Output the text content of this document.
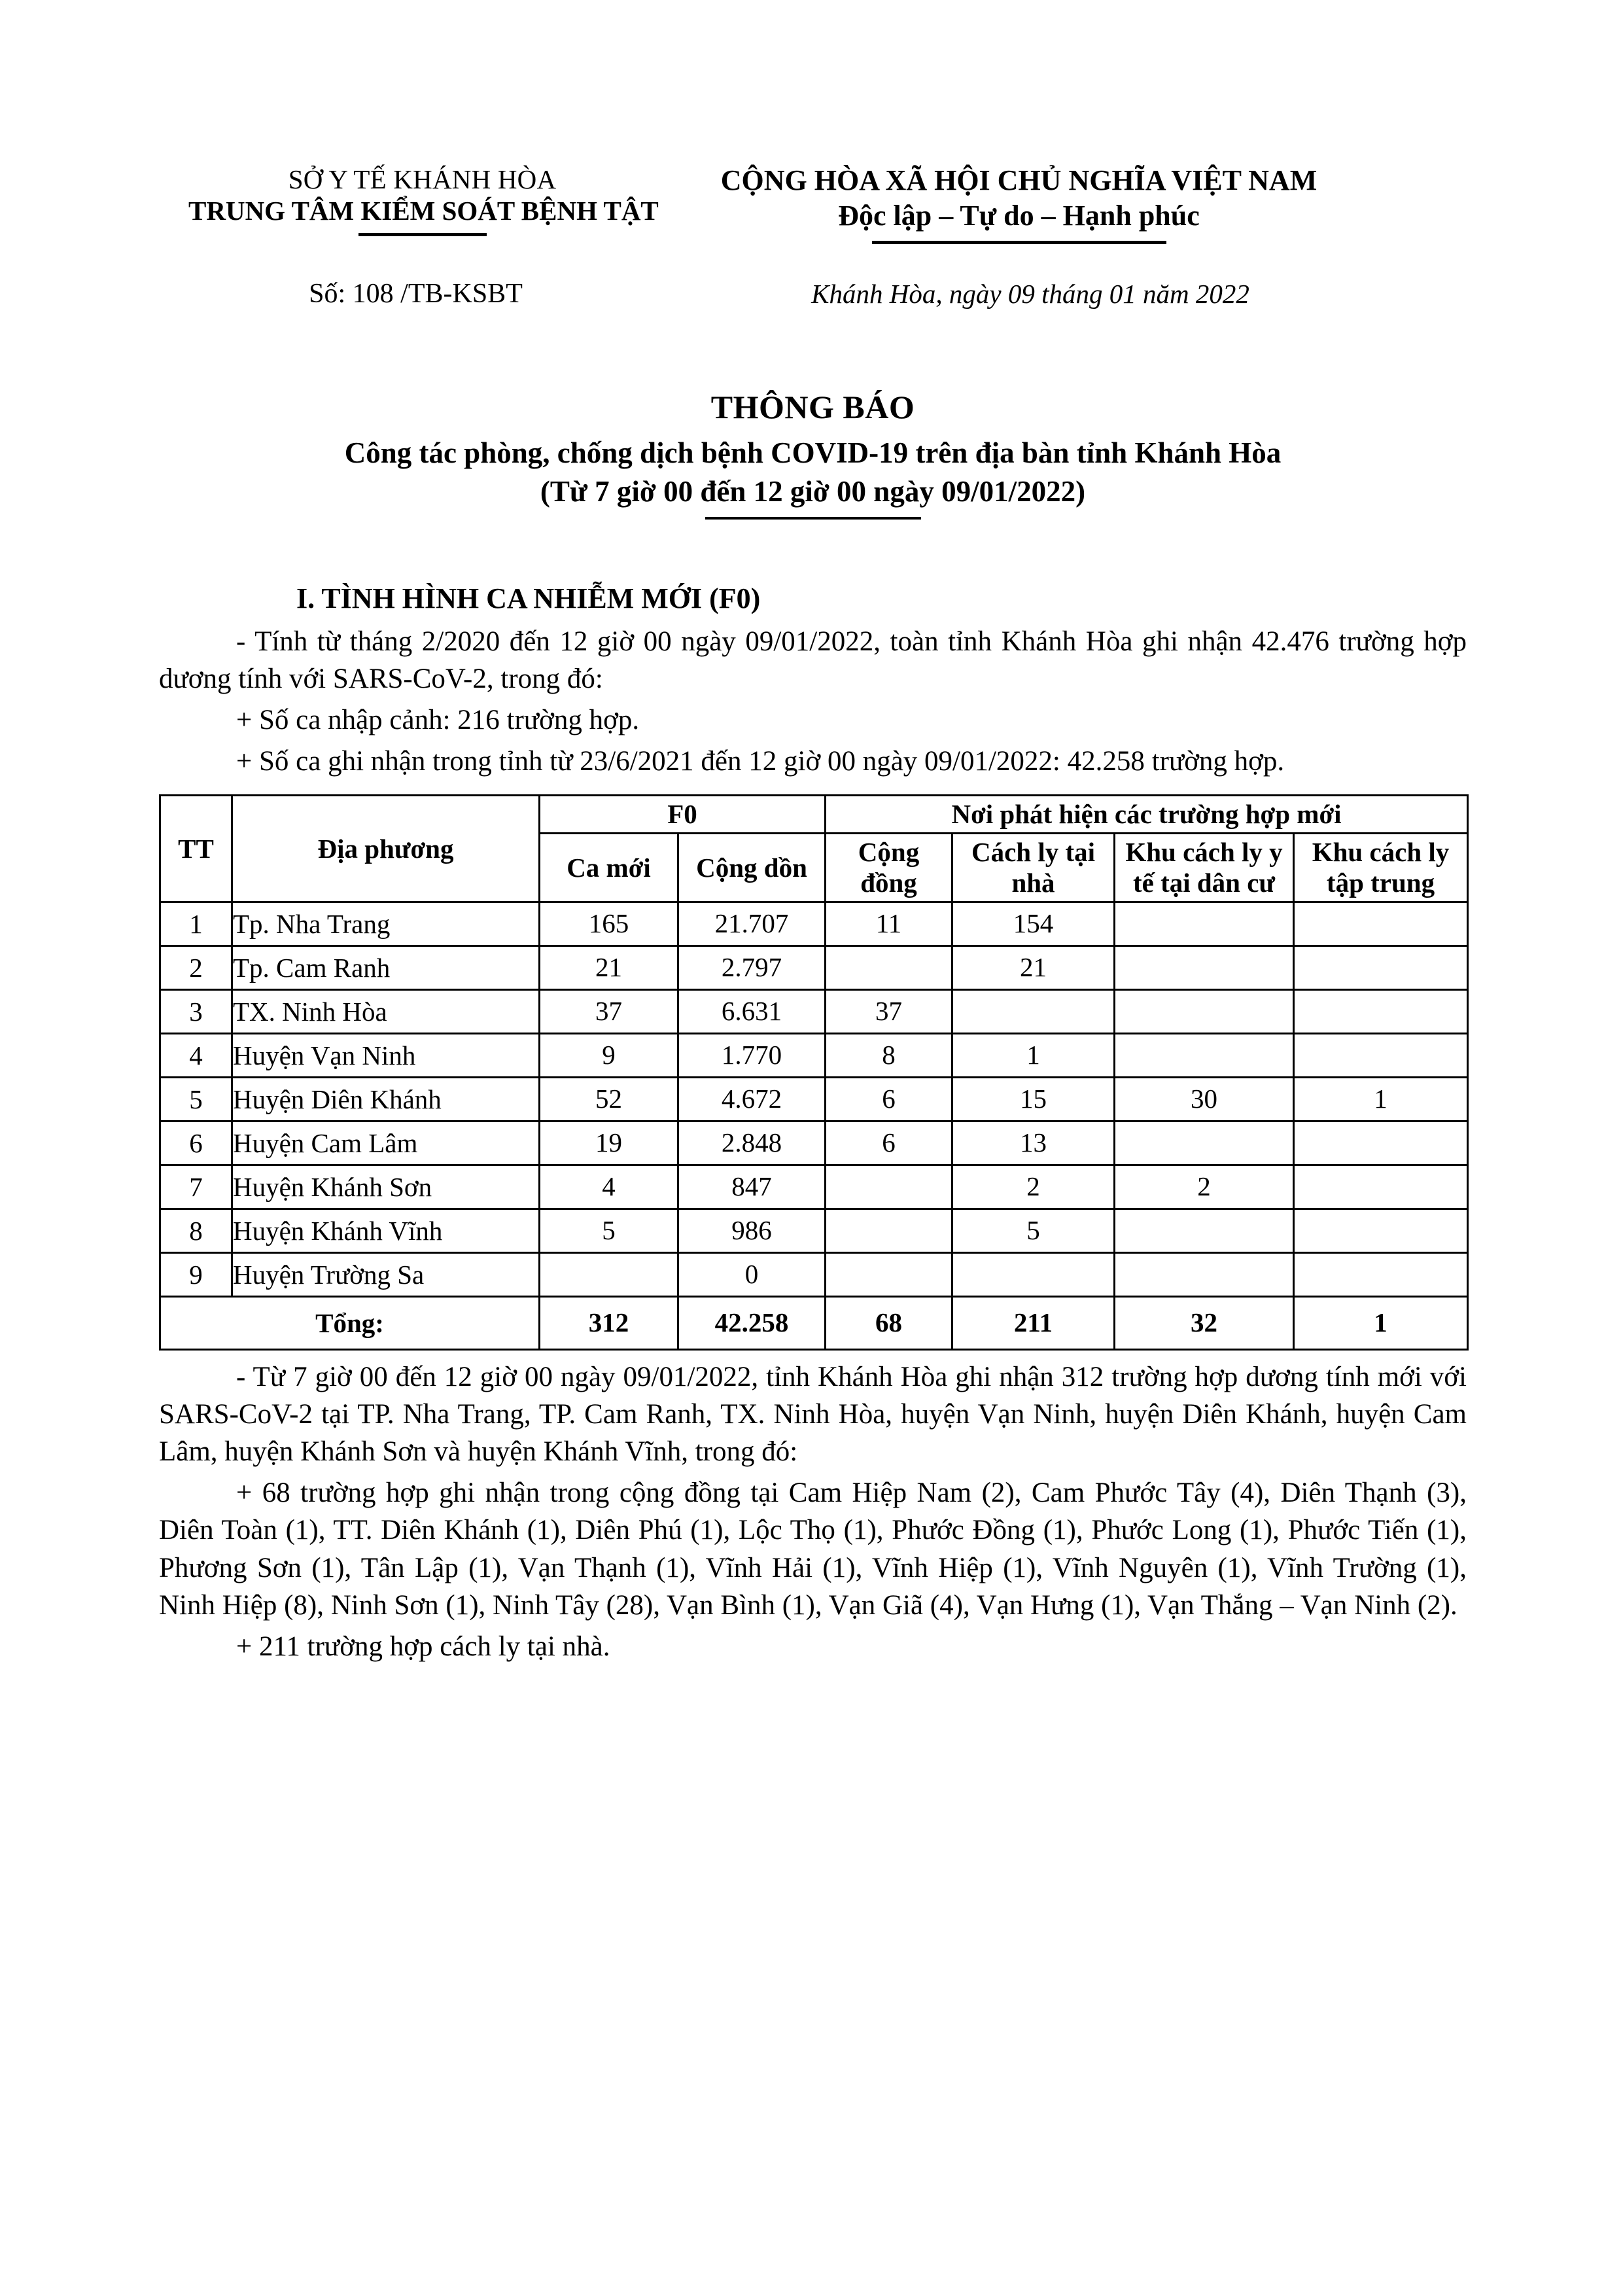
SỞ Y TẾ KHÁNH HÒA
TRUNG TÂM KIỂM SOÁT BỆNH TẬT
CỘNG HÒA XÃ HỘI CHỦ NGHĨA VIỆT NAM
Độc lập – Tự do – Hạnh phúc
Số: 108 /TB-KSBT	Khánh Hòa, ngày 09 tháng 01 năm 2022
THÔNG BÁO
Công tác phòng, chống dịch bệnh COVID-19 trên địa bàn tỉnh Khánh Hòa
(Từ 7 giờ 00 đến 12 giờ 00 ngày 09/01/2022)
I. TÌNH HÌNH CA NHIỄM MỚI (F0)

- Tính từ tháng 2/2020 đến 12 giờ 00 ngày 09/01/2022, toàn tỉnh Khánh Hòa ghi nhận 42.476 trường hợp dương tính với SARS-CoV-2, trong đó:

+ Số ca nhập cảnh: 216 trường hợp.

+ Số ca ghi nhận trong tỉnh từ 23/6/2021 đến 12 giờ 00 ngày 09/01/2022: 42.258 trường hợp.

TT	Địa phương	F0		Nơi phát hiện các trường hợp mới			
		Ca mới	Cộng dồn	Cộng đồng	Cách ly tại nhà	Khu cách ly y tế tại dân cư	Khu cách ly tập trung
1	Tp. Nha Trang	165	21.707	11	154		
2	Tp. Cam Ranh	21	2.797		21		
3	TX. Ninh Hòa	37	6.631	37			
4	Huyện Vạn Ninh	9	1.770	8	1		
5	Huyện Diên Khánh	52	4.672	6	15	30	1
6	Huyện Cam Lâm	19	2.848	6	13		
7	Huyện Khánh Sơn	4	847		2	2	
8	Huyện Khánh Vĩnh	5	986		5		
9	Huyện Trường Sa		0				
Tổng:		312	42.258	68	211	32	1

- Từ 7 giờ 00 đến 12 giờ 00 ngày 09/01/2022, tỉnh Khánh Hòa ghi nhận 312 trường hợp dương tính mới với SARS-CoV-2 tại TP. Nha Trang, TP. Cam Ranh, TX. Ninh Hòa, huyện Vạn Ninh, huyện Diên Khánh, huyện Cam Lâm, huyện Khánh Sơn và huyện Khánh Vĩnh, trong đó:

+ 68 trường hợp ghi nhận trong cộng đồng tại Cam Hiệp Nam (2), Cam Phước Tây (4), Diên Thạnh (3), Diên Toàn (1), TT. Diên Khánh (1), Diên Phú (1), Lộc Thọ (1), Phước Đồng (1), Phước Long (1), Phước Tiến (1), Phương Sơn (1), Tân Lập (1), Vạn Thạnh (1), Vĩnh Hải (1), Vĩnh Hiệp (1), Vĩnh Nguyên (1), Vĩnh Trường (1), Ninh Hiệp (8), Ninh Sơn (1), Ninh Tây (28), Vạn Bình (1), Vạn Giã (4), Vạn Hưng (1), Vạn Thắng – Vạn Ninh (2).

+ 211 trường hợp cách ly tại nhà.
